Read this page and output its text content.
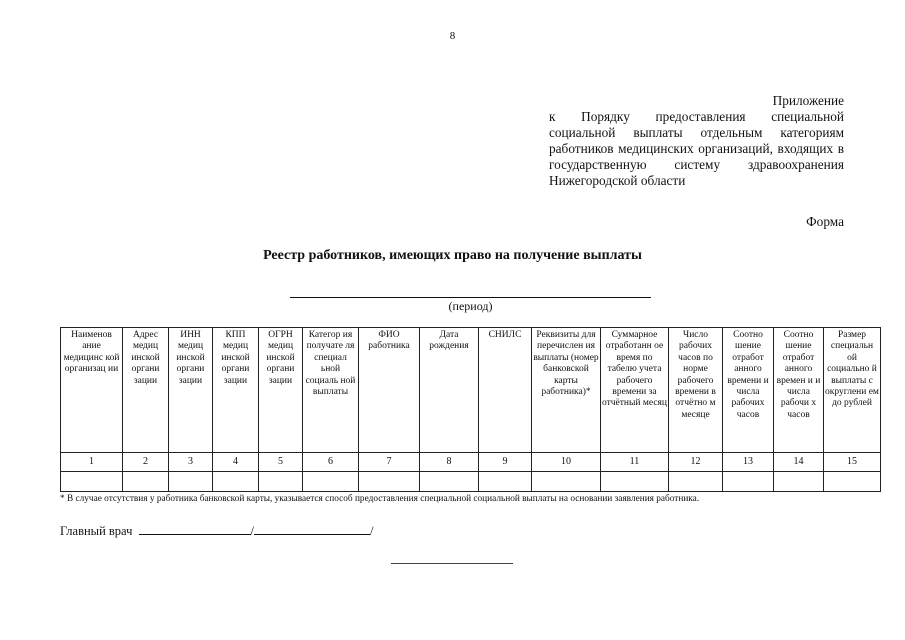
8
Приложение
к Порядку предоставления специальной социальной выплаты отдельным категориям работников медицинских организаций, входящих в государственную систему здравоохранения Нижегородской области
Форма
Реестр работников, имеющих право на получение выплаты
(период)
Наименов ание медицинс кой организац ии	Адрес медиц инской органи зации	ИНН медиц инской органи зации	КПП медиц инской органи зации	ОГРН медиц инской органи зации	Категор ия получате ля специал ьной социаль ной выплаты	ФИО работника	Дата рождения	СНИЛС	Реквизиты для перечислен ия выплаты (номер банковской карты работника)*	Суммарное отработанн ое время по табелю учета рабочего времени за отчётный месяц	Число рабочих часов по норме рабочего времени в отчётно м месяце	Соотно шение отработ анного времени и числа рабочих часов	Соотно шение отработ анного времен и и числа рабочи х часов	Размер специальн ой социально й выплаты с округлени ем до рублей
1	2	3	4	5	6	7	8	9	10	11	12	13	14	15

* В случае отсутствия у работника банковской карты, указывается способ предоставления специальной социальной выплаты на основании заявления работника.
Главный врач	/	/
